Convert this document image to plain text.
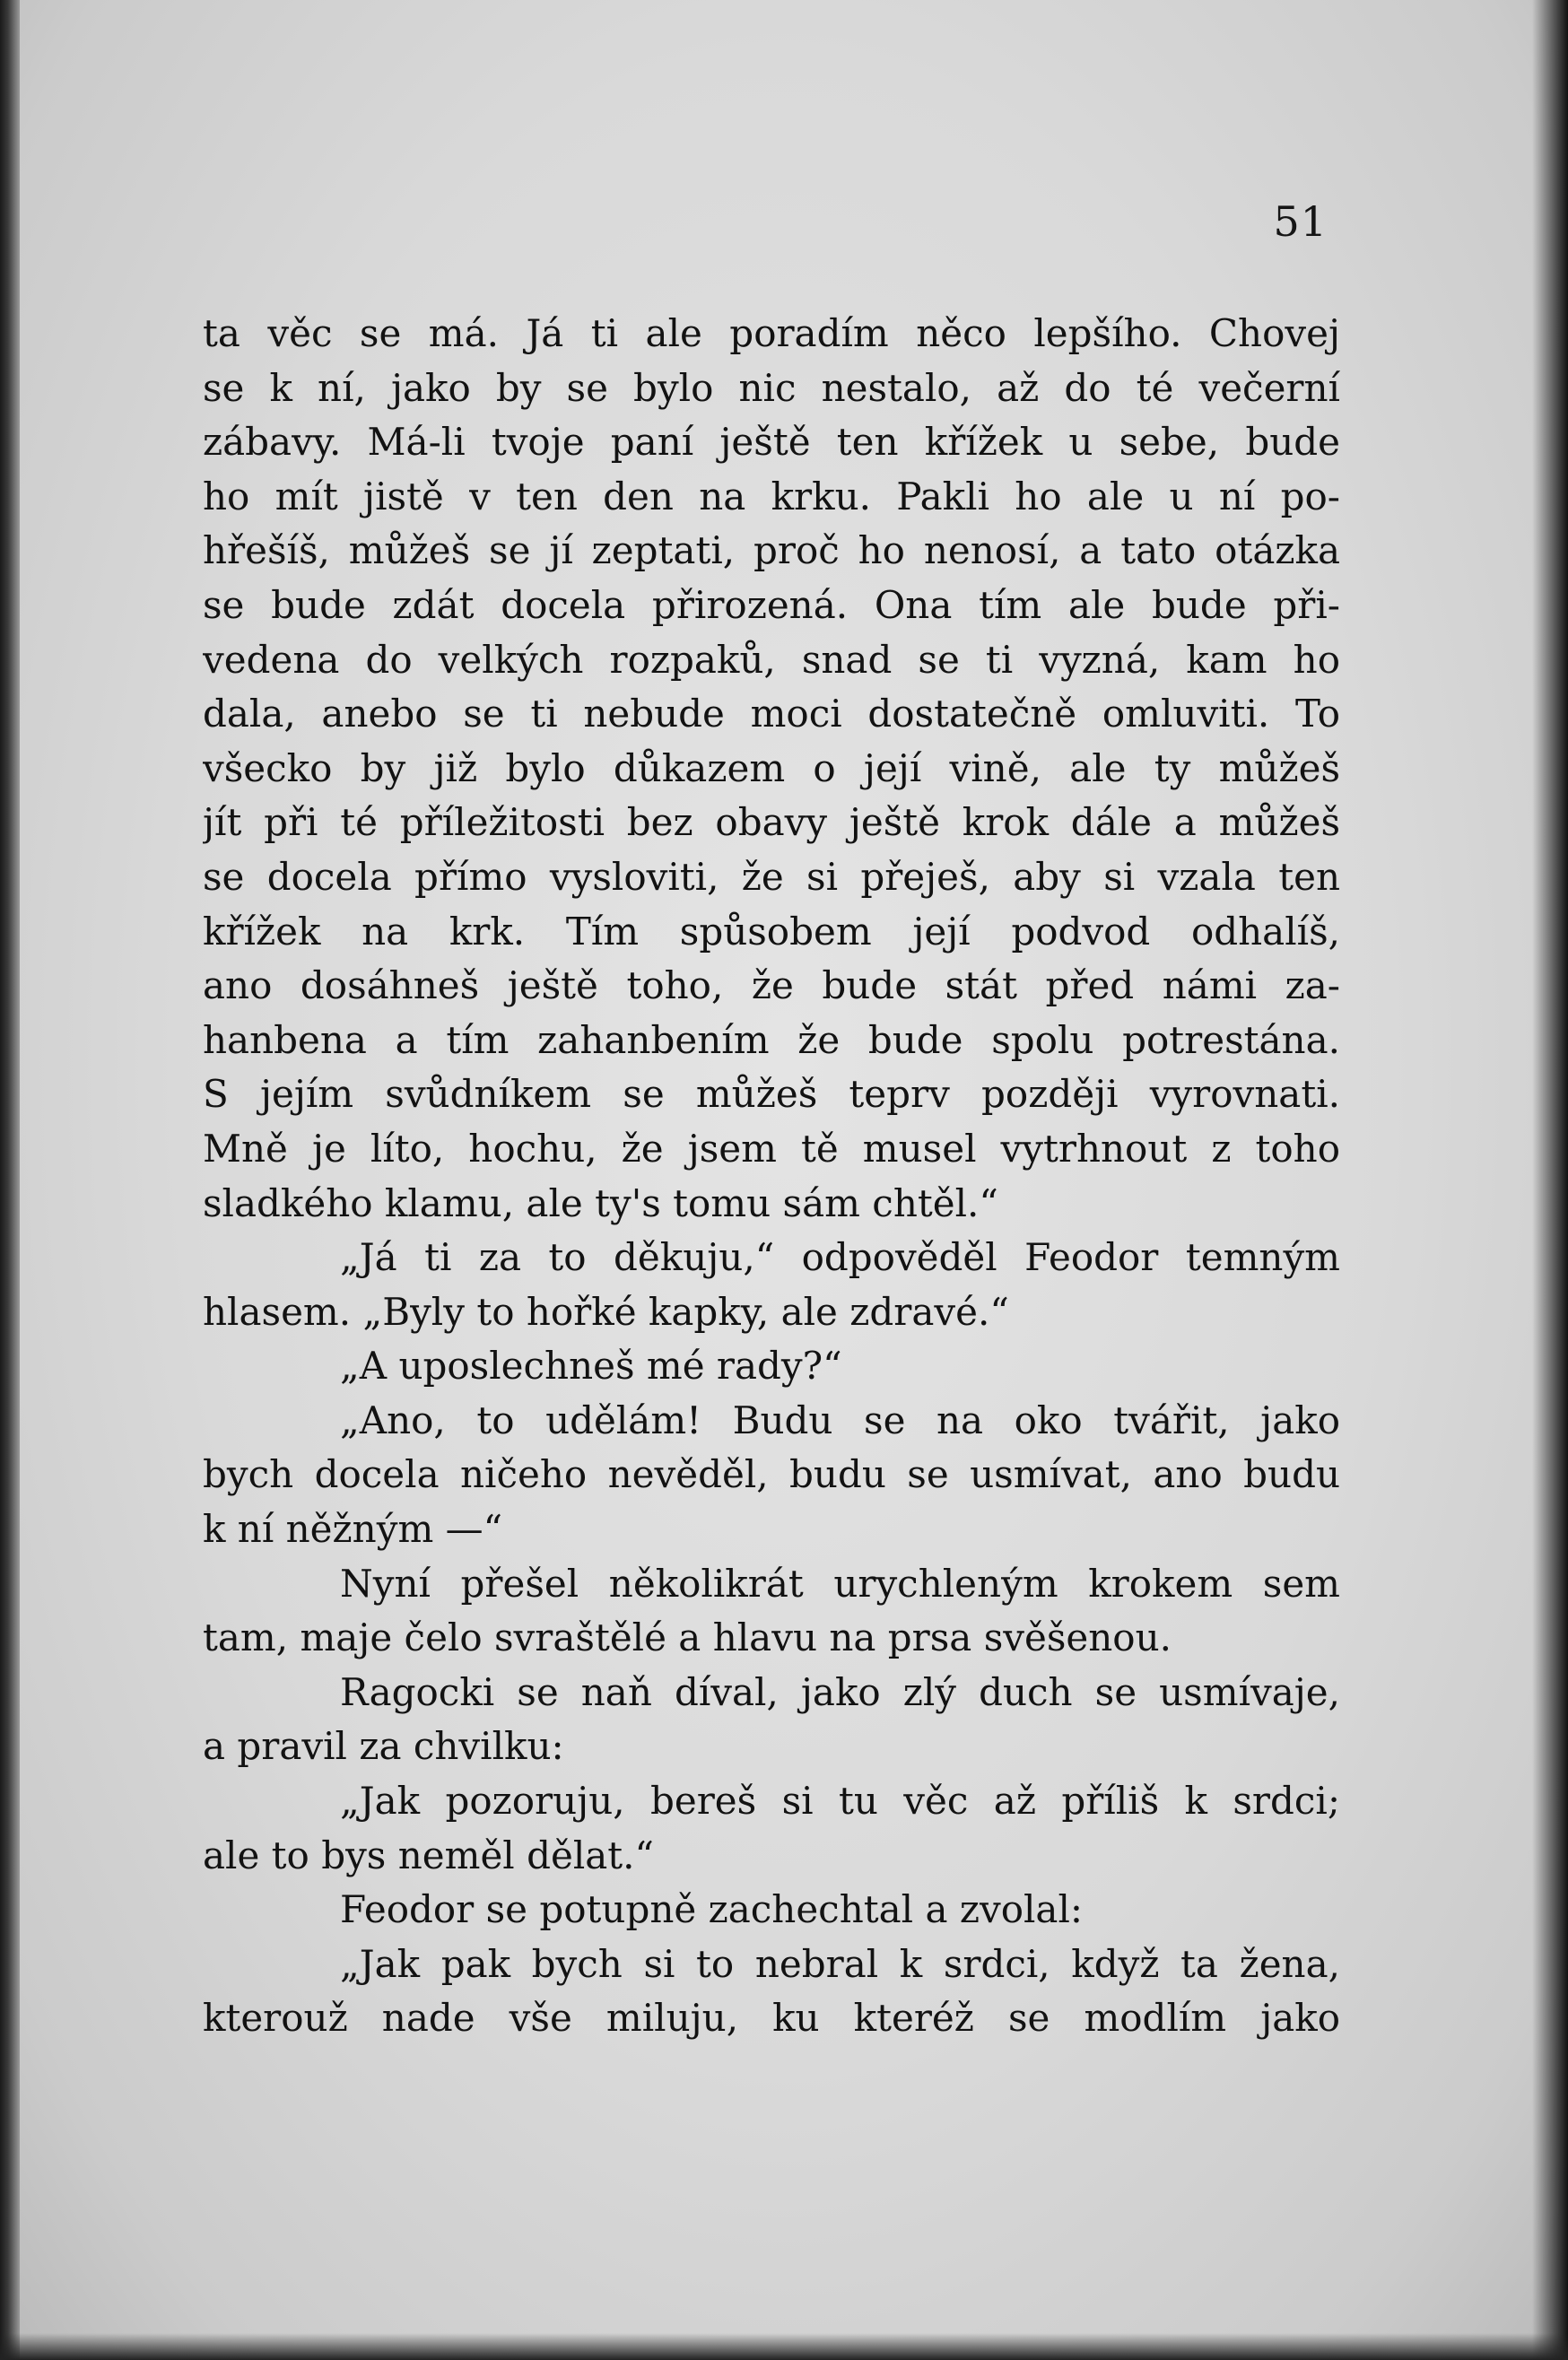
51
ta věc se má. Já ti ale poradím něco lepšího. Chovej
se k ní, jako by se bylo nic nestalo, až do té večerní
zábavy. Má-li tvoje paní ještě ten křížek u sebe, bude
ho mít jistě v ten den na krku. Pakli ho ale u ní po-
hřešíš, můžeš se jí zeptati, proč ho nenosí, a tato otázka
se bude zdát docela přirozená. Ona tím ale bude při-
vedena do velkých rozpaků, snad se ti vyzná, kam ho
dala, anebo se ti nebude moci dostatečně omluviti. To
všecko by již bylo důkazem o její vině, ale ty můžeš
jít při té příležitosti bez obavy ještě krok dále a můžeš
se docela přímo vysloviti, že si přeješ, aby si vzala ten
křížek na krk. Tím spůsobem její podvod odhalíš,
ano dosáhneš ještě toho, že bude stát před námi za-
hanbena a tím zahanbením že bude spolu potrestána.
S jejím svůdníkem se můžeš teprv později vyrovnati.
Mně je líto, hochu, že jsem tě musel vytrhnout z toho
sladkého klamu, ale ty's tomu sám chtěl.“
„Já ti za to děkuju,“ odpověděl Feodor temným
hlasem. „Byly to hořké kapky, ale zdravé.“
„A uposlechneš mé rady?“
„Ano, to udělám! Budu se na oko tvářit, jako
bych docela ničeho nevěděl, budu se usmívat, ano budu
k ní něžným —“
Nyní přešel několikrát urychleným krokem sem
tam, maje čelo svraštělé a hlavu na prsa svěšenou.
Ragocki se naň díval, jako zlý duch se usmívaje,
a pravil za chvilku:
„Jak pozoruju, bereš si tu věc až příliš k srdci;
ale to bys neměl dělat.“
Feodor se potupně zachechtal a zvolal:
„Jak pak bych si to nebral k srdci, když ta žena,
kterouž nade vše miluju, ku kteréž se modlím jako
